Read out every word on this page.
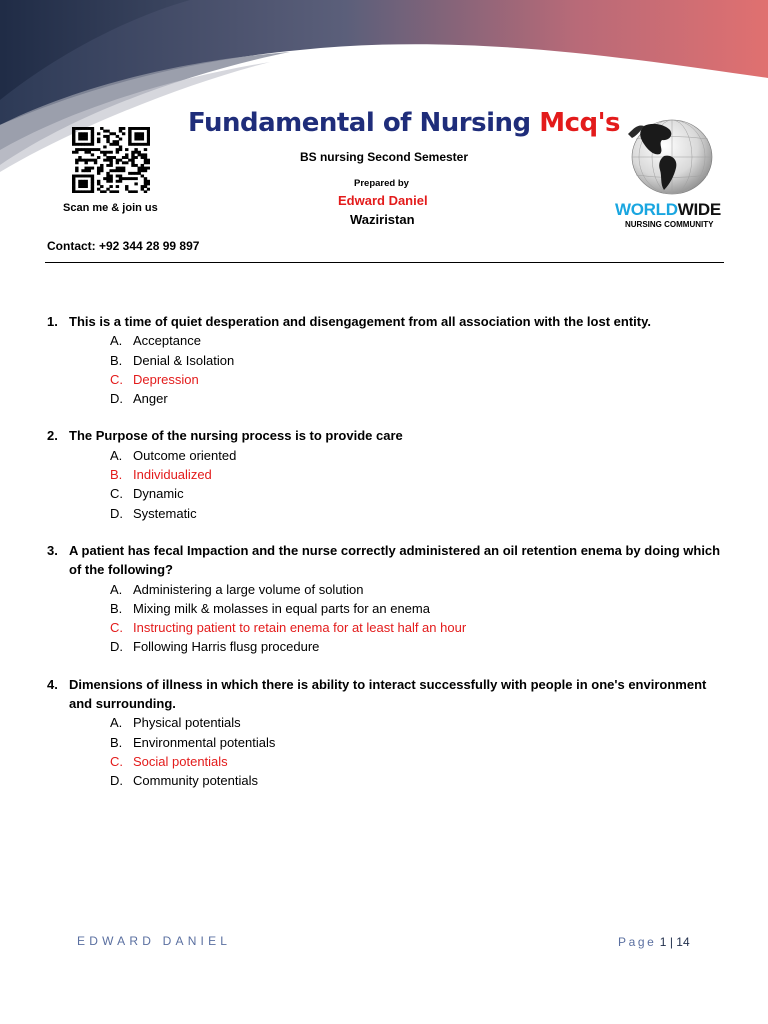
Scan me & join us
Contact: +92 344 28 99 897
Fundamental of Nursing Mcq's
BS nursing Second Semester
Prepared by
Edward Daniel
Waziristan
WORLDWIDE
NURSING COMMUNITY
1. This is a time of quiet desperation and disengagement from all association with the lost entity.
A. Acceptance
B. Denial & Isolation
C. Depression
D. Anger
2. The Purpose of the nursing process is to provide care
A. Outcome oriented
B. Individualized
C. Dynamic
D. Systematic
3. A patient has fecal Impaction and the nurse correctly administered an oil retention enema by doing which of the following?
A. Administering a large volume of solution
B. Mixing milk & molasses in equal parts for an enema
C. Instructing patient to retain enema for at least half an hour
D. Following Harris flusg procedure
4. Dimensions of illness in which there is ability to interact successfully with people in one's environment and surrounding.
A. Physical potentials
B. Environmental potentials
C. Social potentials
D. Community potentials
EDWARD DANIEL	Page 1 | 14
